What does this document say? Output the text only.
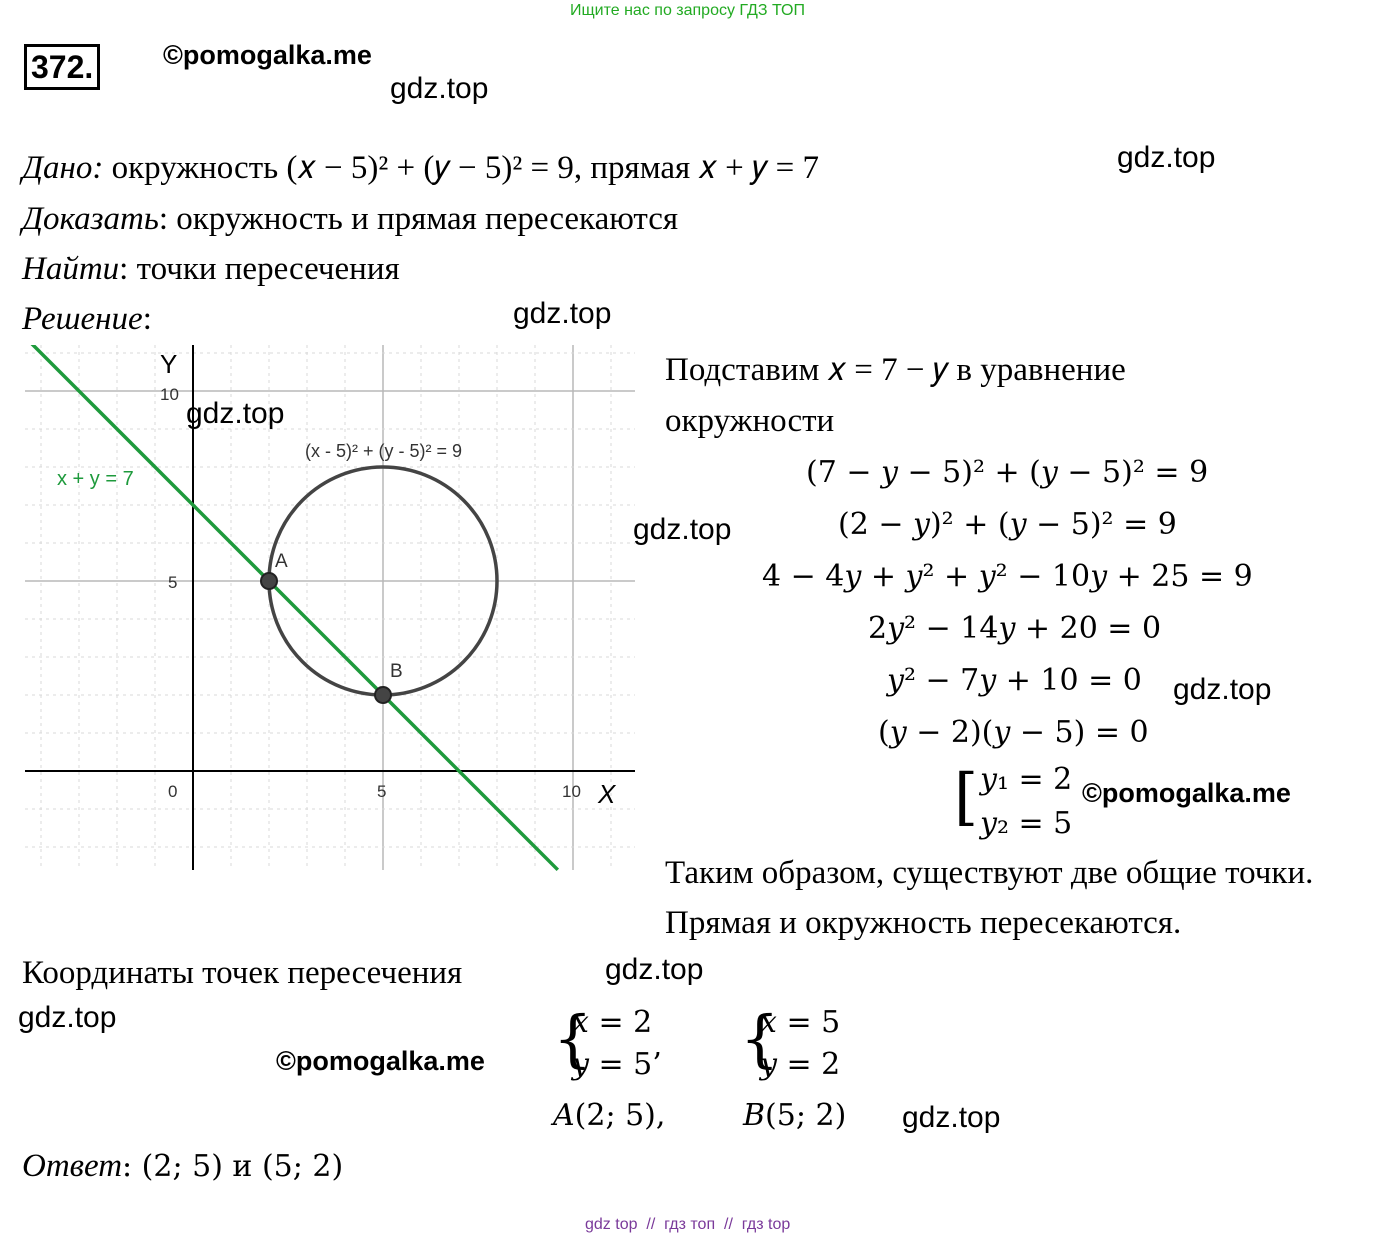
Ищите нас по запросу ГДЗ ТОП
372.	©pomogalka.me
gdz.top
Дано: окружность (𝑥 − 5)² + (𝑦 − 5)² = 9, прямая 𝑥 + 𝑦 = 7	gdz.top
Доказать: окружность и прямая пересекаются
Найти: точки пересечения
Решение:	gdz.top
Y
X
0	5	10
5
10
x + y = 7
(x - 5)² + (y - 5)² = 9
A
B
gdz.top
Подставим 𝑥 = 7 − 𝑦 в уравнение
окружности
(7 − 𝑦 − 5)² + (𝑦 − 5)² = 9
gdz.top	(2 − 𝑦)² + (𝑦 − 5)² = 9
4 − 4𝑦 + 𝑦² + 𝑦² − 10𝑦 + 25 = 9
2𝑦² − 14𝑦 + 20 = 0
𝑦² − 7𝑦 + 10 = 0 gdz.top
(𝑦 − 2)(𝑦 − 5) = 0
[ 𝑦₁ = 2
𝑦₂ = 5
©pomogalka.me
Таким образом, существуют две общие точки.
Прямая и окружность пересекаются.
Координаты точек пересечения	gdz.top
gdz.top
©pomogalka.me {
𝑥 = 2
𝑦 = 5’ {
𝑥 = 5
𝑦 = 2
𝐴(2; 5),	𝐵(5; 2) gdz.top
Ответ: (2; 5) и (5; 2)
gdz top  //  гдз топ  //  гдз top
